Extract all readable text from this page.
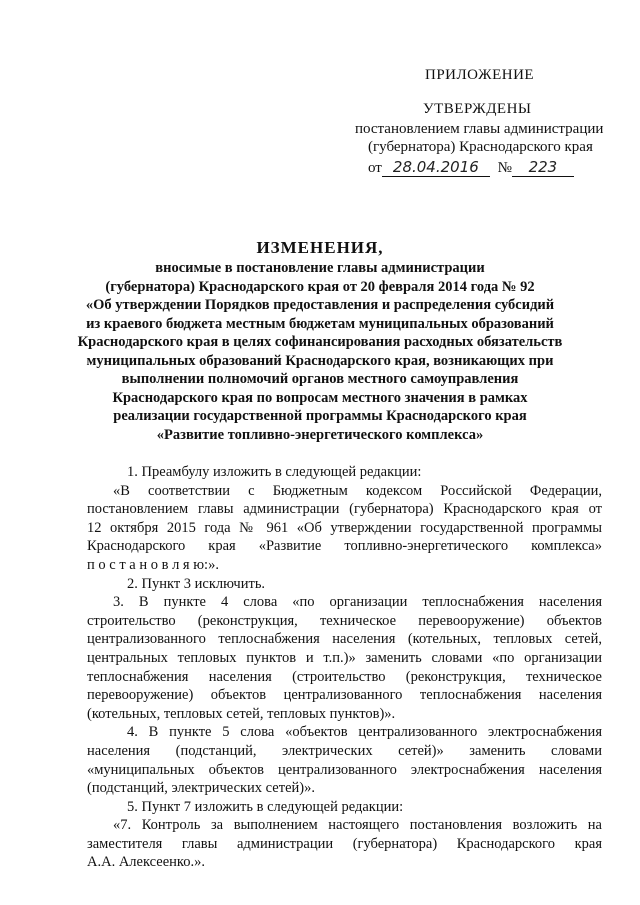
ПРИЛОЖЕНИЕ
УТВЕРЖДЕНЫ
постановлением главы администрации
(губернатора) Краснодарского края
от 28.04.2016 № 223
ИЗМЕНЕНИЯ,
вносимые в постановление главы администрации
(губернатора) Краснодарского края от 20 февраля 2014 года № 92
«Об утверждении Порядков предоставления и распределения субсидий
из краевого бюджета местным бюджетам муниципальных образований
Краснодарского края в целях софинансирования расходных обязательств
муниципальных образований Краснодарского края, возникающих при
выполнении полномочий органов местного самоуправления
Краснодарского края по вопросам местного значения в рамках
реализации государственной программы Краснодарского края
«Развитие топливно-энергетического комплекса»
1. Преамбулу изложить в следующей редакции:
«В соответствии с Бюджетным кодексом Российской Федерации,
постановлением главы администрации (губернатора) Краснодарского края от
12 октября 2015 года № 961 «Об утверждении государственной программы
Краснодарского края «Развитие топливно-энергетического комплекса»
п о с т а н о в л я ю:».
2. Пункт 3 исключить.
3. В пункте 4 слова «по организации теплоснабжения населения
строительство (реконструкция, техническое перевооружение) объектов
централизованного теплоснабжения населения (котельных, тепловых сетей,
центральных тепловых пунктов и т.п.)» заменить словами «по организации
теплоснабжения населения (строительство (реконструкция, техническое
перевооружение) объектов централизованного теплоснабжения населения
(котельных, тепловых сетей, тепловых пунктов)».
4. В пункте 5 слова «объектов централизованного электроснабжения
населения (подстанций, электрических сетей)» заменить словами
«муниципальных объектов централизованного электроснабжения населения
(подстанций, электрических сетей)».
5. Пункт 7 изложить в следующей редакции:
«7. Контроль за выполнением настоящего постановления возложить на
заместителя главы администрации (губернатора) Краснодарского края
А.А. Алексеенко.».
